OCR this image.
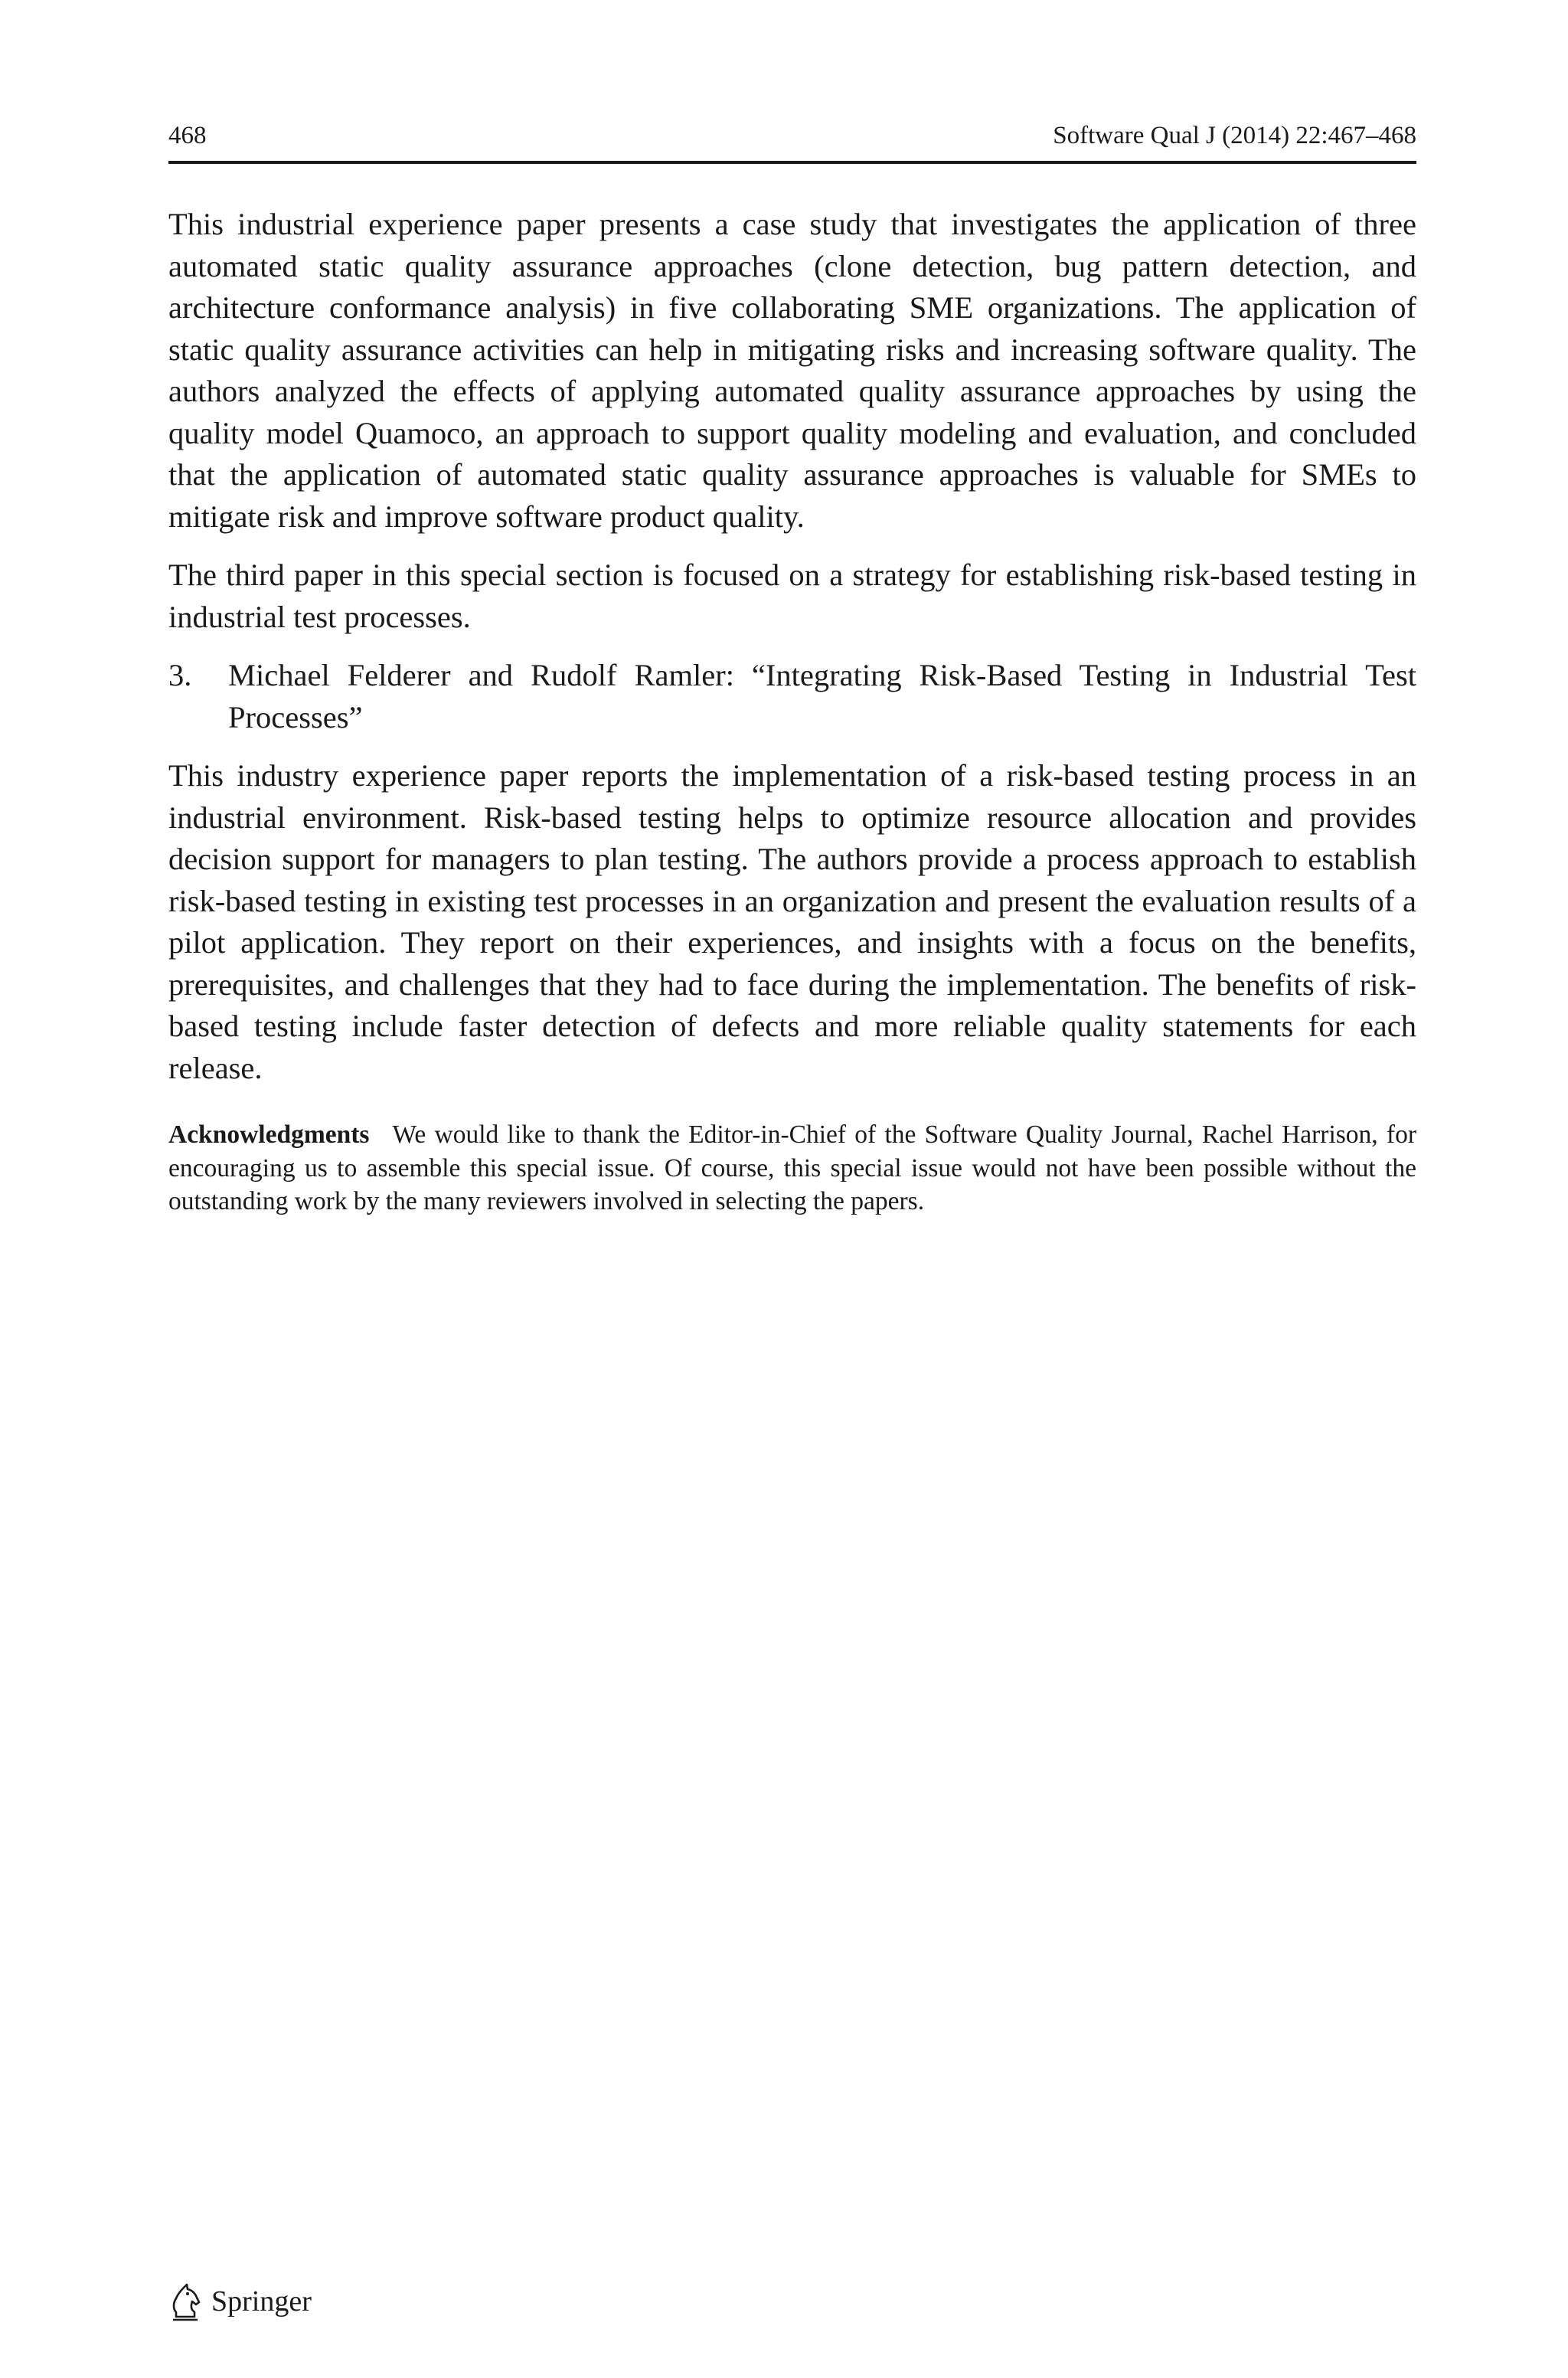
468	Software Qual J (2014) 22:467–468

This industrial experience paper presents a case study that investigates the application of three automated static quality assurance approaches (clone detection, bug pattern detection, and architecture conformance analysis) in five collaborating SME organizations. The application of static quality assurance activities can help in mitigating risks and increasing software quality. The authors analyzed the effects of applying automated quality assurance approaches by using the quality model Quamoco, an approach to support quality modeling and evaluation, and concluded that the application of automated static quality assurance approaches is valuable for SMEs to mitigate risk and improve software product quality.

The third paper in this special section is focused on a strategy for establishing risk-based testing in industrial test processes.

3.	Michael Felderer and Rudolf Ramler: “Integrating Risk-Based Testing in Industrial Test Processes”

This industry experience paper reports the implementation of a risk-based testing process in an industrial environment. Risk-based testing helps to optimize resource allocation and provides decision support for managers to plan testing. The authors provide a process approach to establish risk-based testing in existing test processes in an organization and present the evaluation results of a pilot application. They report on their experiences, and insights with a focus on the benefits, prerequisites, and challenges that they had to face during the implementation. The benefits of risk-based testing include faster detection of defects and more reliable quality statements for each release.

Acknowledgments We would like to thank the Editor-in-Chief of the Software Quality Journal, Rachel Harrison, for encouraging us to assemble this special issue. Of course, this special issue would not have been possible without the outstanding work by the many reviewers involved in selecting the papers.
Springer
